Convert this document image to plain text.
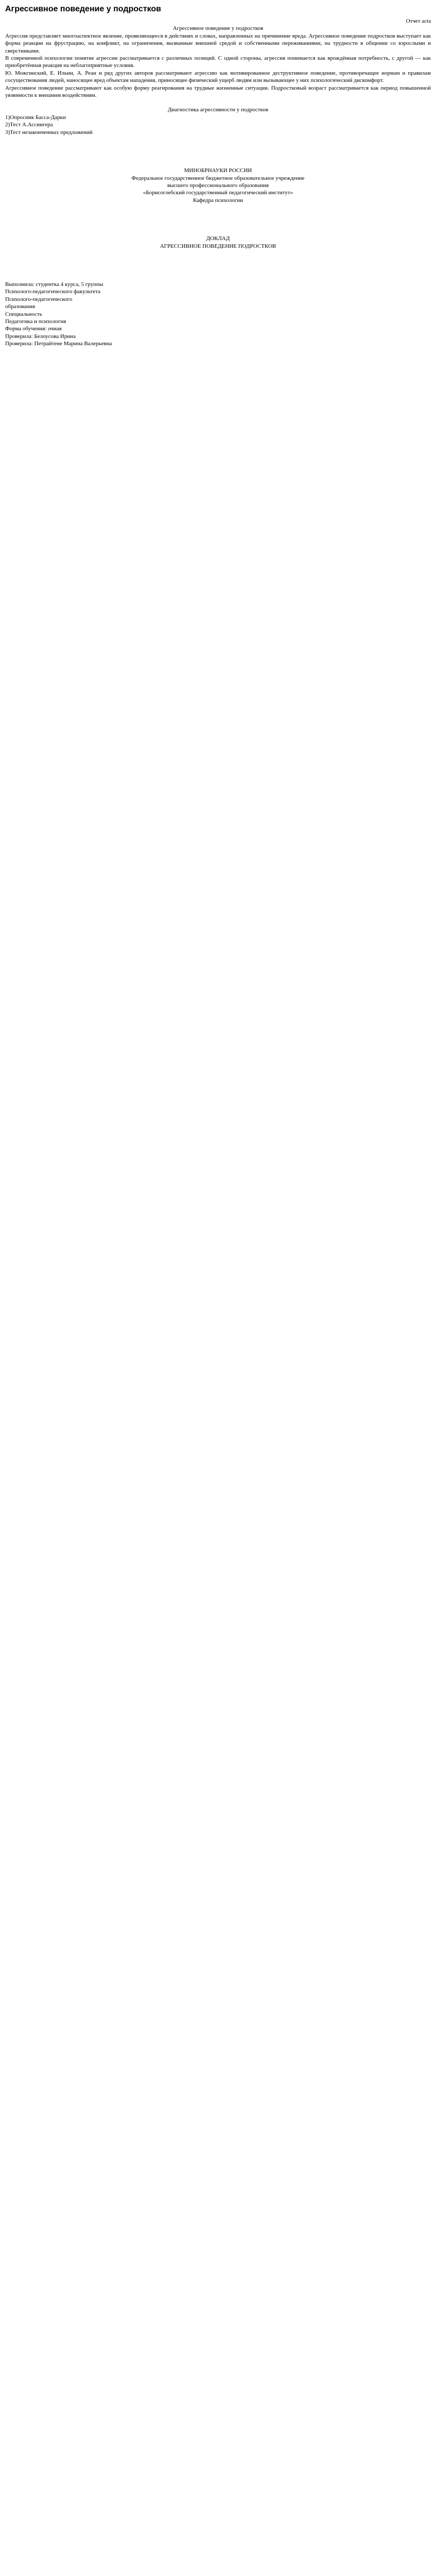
Агрессивное поведение у подростков

Отчет acta

Агрессивное поведение у подростков

Агрессия представляет многоаспектное явление, проявляющееся в действиях и словах, направленных на причинение вреда. Агрессивное поведение подростков выступает как форма реакции на фрустрацию, на конфликт, на ограничения, вызванные внешней средой и собственными переживаниями, на трудности в общении со взрослыми и сверстниками.

В современной психологии понятие агрессии рассматривается с различных позиций. С одной стороны, агрессия понимается как врождённая потребность, с другой — как приобретённая реакция на неблагоприятные условия.

Ю. Можгинский, Е. Ильин, А. Реан и ряд других авторов рассматривают агрессию как мотивированное деструктивное поведение, противоречащее нормам и правилам сосуществования людей, наносящее вред объектам нападения, приносящее физический ущерб людям или вызывающее у них психологический дискомфорт.

Агрессивное поведение рассматривают как особую форму реагирования на трудные жизненные ситуации. Подростковый возраст рассматривается как период повышенной уязвимости к внешним воздействиям.

Диагностика агрессивности у подростков

1)Опросник Басса-Дарки

2)Тест А.Ассингера

3)Тест незаконченных предложений

МИНОБРНАУКИ РОССИИ

Федеральное государственное бюджетное образовательное учреждение

высшего профессионального образования

«Борисоглебский государственный педагогический институт»

Кафедра психологии

ДОКЛАД

АГРЕССИВНОЕ ПОВЕДЕНИЕ ПОДРОСТКОВ

Выполнила: студентка 4 курса, 5 группы

Психолого-педагогического факультета

Психолого-педагогического

образования

Специальность

Педагогика и психология

Форма обучения: очная

Проверила: Белоусова Ирина

Проверила: Петрайтене Марина Валерьевна
